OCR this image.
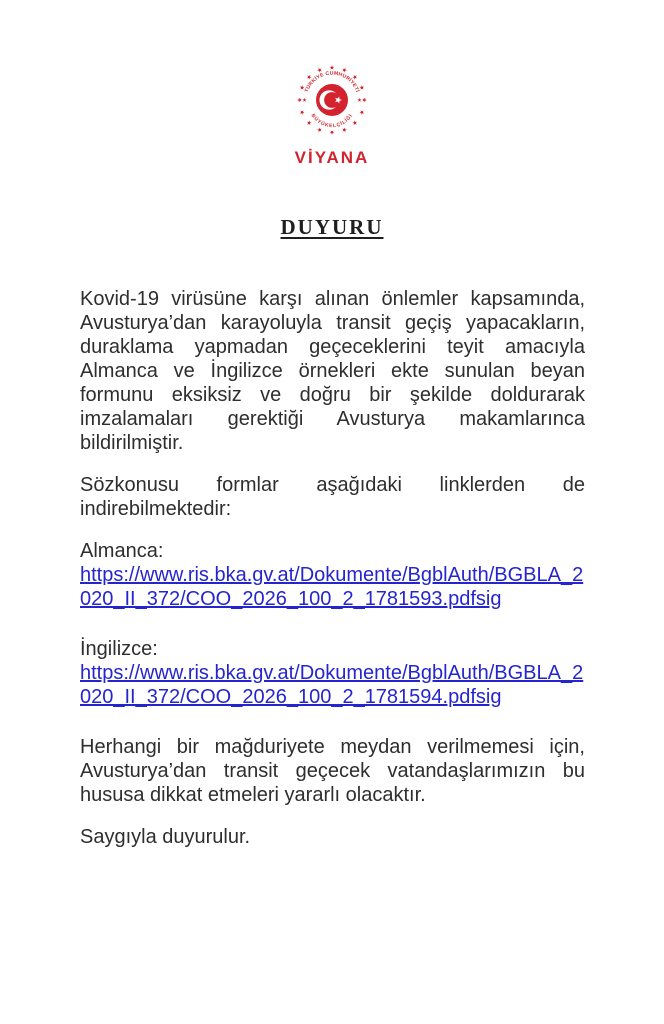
TÜRKİYE CUMHURİYETİ
BÜYÜKELÇİLİĞİ
VİYANA
DUYURU

Kovid-19 virüsüne karşı alınan önlemler kapsamında, Avusturya’dan karayoluyla transit geçiş yapacakların, duraklama yapmadan geçeceklerini teyit amacıyla Almanca ve İngilizce örnekleri ekte sunulan beyan formunu eksiksiz ve doğru bir şekilde doldurarak imzalamaları gerektiği Avusturya makamlarınca bildirilmiştir.

Sözkonusu formlar aşağıdaki linklerden de indirebilmektedir:

Almanca:
https://www.ris.bka.gv.at/Dokumente/BgblAuth/BGBLA_2
020_II_372/COO_2026_100_2_1781593.pdfsig
İngilizce:
https://www.ris.bka.gv.at/Dokumente/BgblAuth/BGBLA_2
020_II_372/COO_2026_100_2_1781594.pdfsig

Herhangi bir mağduriyete meydan verilmemesi için, Avusturya’dan transit geçecek vatandaşlarımızın bu hususa dikkat etmeleri yararlı olacaktır.

Saygıyla duyurulur.
